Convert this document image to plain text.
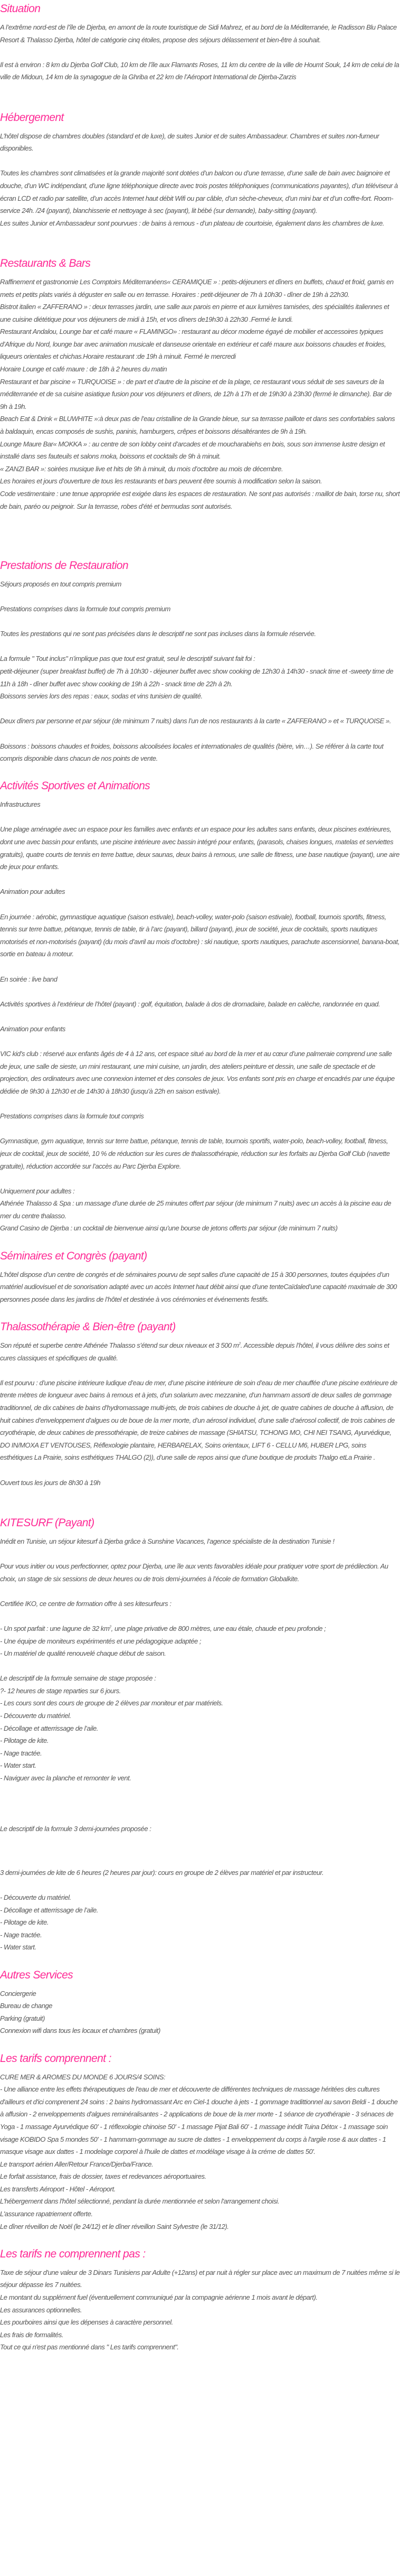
Situation

A l’extrême nord-est de l’île de Djerba, en amont de la route touristique de Sidi Mahrez, et au bord de la Méditerranée, le Radisson Blu Palace Resort & Thalasso Djerba, hôtel de catégorie cinq étoiles, propose des séjours délassement et bien-être à souhait.

Il est à environ : 8 km du Djerba Golf Club, 10 km de l’île aux Flamants Roses, 11 km du centre de la ville de Houmt Souk, 14 km de celui de la ville de Midoun, 14 km de la synagogue de la Ghriba et 22 km de l’Aéroport International de Djerba-Zarzis

Hébergement

L’hôtel dispose de chambres doubles (standard et de luxe), de suites Junior et de suites Ambassadeur. Chambres et suites non-fumeur disponibles.

Toutes les chambres sont climatisées et la grande majorité sont dotées d’un balcon ou d’une terrasse, d’une salle de bain avec baignoire et douche, d’un WC indépendant, d’une ligne téléphonique directe avec trois postes téléphoniques (communications payantes), d’un téléviseur à écran LCD et radio par satellite, d’un accès Internet haut débit Wifi ou par câble, d’un sèche-cheveux, d’un mini bar et d’un coffre-fort. Room-service 24h. /24 (payant), blanchisserie et nettoyage à sec (payant), lit bébé (sur demande), baby-sitting (payant).

Les suites Junior et Ambassadeur sont pourvues : de bains à remous - d’un plateau de courtoisie, également dans les chambres de luxe.

Restaurants & Bars

Raffinement et gastronomie Les Comptoirs Méditerranéens« CERAMIQUE » : petits-déjeuners et dîners en buffets, chaud et froid, garnis en mets et petits plats variés à déguster en salle ou en terrasse. Horaires : petit-déjeuner de 7h à 10h30 - dîner de 19h à 22h30.

Bistrot italien « ZAFFERANO » : deux terrasses jardin, une salle aux parois en pierre et aux lumières tamisées, des spécialités italiennes et une cuisine diététique pour vos déjeuners de midi à 15h, et vos dîners de19h30 à 22h30 .Fermé le lundi.

Restaurant Andalou, Lounge bar et café maure « FLAMINGO» : restaurant au décor moderne égayé de mobilier et accessoires typiques d’Afrique du Nord, lounge bar avec animation musicale et danseuse orientale en extérieur et café maure aux boissons chaudes et froides, liqueurs orientales et chichas.Horaire restaurant :de 19h à minuit. Fermé le mercredi

Horaire Lounge et café maure : de 18h à 2 heures du matin

Restaurant et bar piscine « TURQUOISE » : de part et d’autre de la piscine et de la plage, ce restaurant vous séduit de ses saveurs de la méditerranée et de sa cuisine asiatique fusion pour vos déjeuners et dîners, de 12h à 17h et de 19h30 à 23h30 (fermé le dimanche). Bar de 9h à 19h.

Beach Eat & Drink « BLUWHITE »:à deux pas de l’eau cristalline de la Grande bleue, sur sa terrasse paillote et dans ses confortables salons à baldaquin, encas composés de sushis, paninis, hamburgers, crêpes et boissons désaltérantes de 9h à 19h.

Lounge Maure Bar« MOKKA » : au centre de son lobby ceint d’arcades et de moucharabiehs en bois, sous son immense lustre design et installé dans ses fauteuils et salons moka, boissons et cocktails de 9h à minuit.

« ZANZI BAR »: soirées musique live et hits de 9h à minuit, du mois d’octobre au mois de décembre.

Les horaires et jours d’ouverture de tous les restaurants et bars peuvent être soumis à modification selon la saison.

Code vestimentaire : une tenue appropriée est exigée dans les espaces de restauration. Ne sont pas autorisés : maillot de bain, torse nu, short de bain, paréo ou peignoir. Sur la terrasse, robes d’été et bermudas sont autorisés.

Prestations de Restauration

Séjours proposés en tout compris premium

Prestations comprises dans la formule tout compris premium

Toutes les prestations qui ne sont pas précisées dans le descriptif ne sont pas incluses dans la formule réservée.

La formule " Tout inclus" n’implique pas que tout est gratuit, seul le descriptif suivant fait foi :

petit-déjeuner (super breakfast buffet) de 7h à 10h30 - déjeuner buffet avec show cooking de 12h30 à 14h30 - snack time et -sweety time de 11h à 18h - dîner buffet avec show cooking de 19h à 22h - snack time de 22h à 2h.

Boissons servies lors des repas : eaux, sodas et vins tunisien de qualité.

Deux dîners par personne et par séjour (de minimum 7 nuits) dans l’un de nos restaurants à la carte « ZAFFERANO » et « TURQUOISE ».

Boissons : boissons chaudes et froides, boissons alcoolisées locales et internationales de qualités (bière, vin…). Se référer à la carte tout compris disponible dans chacun de nos points de vente.

Activités Sportives et Animations

Infrastructures

Une plage aménagée avec un espace pour les familles avec enfants et un espace pour les adultes sans enfants, deux piscines extérieures, dont une avec bassin pour enfants, une piscine intérieure avec bassin intégré pour enfants, (parasols, chaises longues, matelas et serviettes gratuits), quatre courts de tennis en terre battue, deux saunas, deux bains à remous, une salle de fitness, une base nautique (payant), une aire de jeux pour enfants.

Animation pour adultes

En journée : aérobic, gymnastique aquatique (saison estivale), beach-volley, water-polo (saison estivale), football, tournois sportifs, fitness, tennis sur terre battue, pétanque, tennis de table, tir à l’arc (payant), billard (payant), jeux de société, jeux de cocktails, sports nautiques motorisés et non-motorisés (payant) (du mois d’avril au mois d’octobre) : ski nautique, sports nautiques, parachute ascensionnel, banana-boat, sortie en bateau à moteur.

En soirée : live band

Activités sportives à l’extérieur de l’hôtel (payant) : golf, équitation, balade à dos de dromadaire, balade en calèche, randonnée en quad.

Animation pour enfants

VIC kid’s club : réservé aux enfants âgés de 4 à 12 ans, cet espace situé au bord de la mer et au cœur d’une palmeraie comprend une salle de jeux, une salle de sieste, un mini restaurant, une mini cuisine, un jardin, des ateliers peinture et dessin, une salle de spectacle et de projection, des ordinateurs avec une connexion internet et des consoles de jeux. Vos enfants sont pris en charge et encadrés par une équipe dédiée de 9h30 à 12h30 et de 14h30 à 18h30 (jusqu’à 22h en saison estivale).

Prestations comprises dans la formule tout compris

Gymnastique, gym aquatique, tennis sur terre battue, pétanque, tennis de table, tournois sportifs, water-polo, beach-volley, football, fitness, jeux de cocktail, jeux de société, 10 % de réduction sur les cures de thalassothérapie, réduction sur les forfaits au Djerba Golf Club (navette gratuite), réduction accordée sur l’accès au Parc Djerba Explore.

Uniquement pour adultes :

Athénée Thalasso & Spa : un massage d’une durée de 25 minutes offert par séjour (de minimum 7 nuits) avec un accès à la piscine eau de mer du centre thalasso.

Grand Casino de Djerba : un cocktail de bienvenue ainsi qu’une bourse de jetons offerts par séjour (de minimum 7 nuits)

Séminaires et Congrès (payant)

L’hôtel dispose d’un centre de congrès et de séminaires pourvu de sept salles d’une capacité de 15 à 300 personnes, toutes équipées d’un matériel audiovisuel et de sonorisation adapté avec un accès Internet haut débit ainsi que d’une tenteCaïdaled’une capacité maximale de 300 personnes posée dans les jardins de l’hôtel et destinée à vos cérémonies et événements festifs.

Thalassothérapie & Bien-être (payant)

Son réputé et superbe centre Athénée Thalasso s’étend sur deux niveaux et 3 500 $m^2$. Accessible depuis l’hôtel, il vous délivre des soins et cures classiques et spécifiques de qualité.

Il est pourvu : d’une piscine intérieure ludique d’eau de mer, d’une piscine intérieure de soin d’eau de mer chauffée d’une piscine extérieure de trente mètres de longueur avec bains à remous et à jets, d’un solarium avec mezzanine, d’un hammam assorti de deux salles de gommage traditionnel, de dix cabines de bains d’hydromassage multi-jets, de trois cabines de douche à jet, de quatre cabines de douche à affusion, de huit cabines d’enveloppement d’algues ou de boue de la mer morte, d’un aérosol individuel, d’une salle d’aérosol collectif, de trois cabines de cryothérapie, de deux cabines de pressothérapie, de treize cabines de massage (SHIATSU, TCHONG MO, CHI NEI TSANG, Ayurvédique, DO IN/MOXA ET VENTOUSES, Réflexologie plantaire, HERBARELAX, Soins orientaux, LIFT 6 - CELLU M6, HUBER LPG, soins esthétiques La Prairie, soins esthétiques THALGO (2)), d’une salle de repos ainsi que d’une boutique de produits Thalgo etLa Prairie .

Ouvert tous les jours de 8h30 à 19h

KITESURF (Payant)

Inédit en Tunisie, un séjour kitesurf à Djerba grâce à Sunshine Vacances, l’agence spécialiste de la destination Tunisie !

Pour vous initier ou vous perfectionner, optez pour Djerba, une île aux vents favorables idéale pour pratiquer votre sport de prédilection. Au choix, un stage de six sessions de deux heures ou de trois demi-journées à l’école de formation Globalkite.

Certifiée IKO, ce centre de formation offre à ses kitesurfeurs :

- Un spot parfait : une lagune de 32 $km^2$, une plage privative de 800 mètres, une eau étale, chaude et peu profonde ;

- Une équipe de moniteurs expérimentés et une pédagogique adaptée ;

- Un matériel de qualité renouvelé chaque début de saison.

Le descriptif de la formule semaine de stage proposée :

?- 12 heures de stage reparties sur 6 jours.

- Les cours sont des cours de groupe de 2 élèves par moniteur et par matériels.

- Découverte du matériel.

- Décollage et atterrissage de l’aile.

- Pilotage de kite.

- Nage tractée.

- Water start.

- Naviguer avec la planche et remonter le vent.

Le descriptif de la formule 3 demi-journées proposée :

3 demi-journées de kite de 6 heures (2 heures par jour): cours en groupe de 2 élèves par matériel et par instructeur.

- Découverte du matériel.

- Décollage et atterrissage de l’aile.

- Pilotage de kite.

- Nage tractée.

- Water start.

Autres Services

Conciergerie

Bureau de change

Parking (gratuit)

Connexion wifi dans tous les locaux et chambres (gratuit)

Les tarifs comprennent :

CURE MER & AROMES DU MONDE 6 JOURS/4 SOINS:

- Une alliance entre les effets thérapeutiques de l'eau de mer et découverte de différentes techniques de massage héritées des cultures d'ailleurs et d'ici comprenent 24 soins : 2 bains hydromassant Arc en Ciel-1 douche à jets - 1 gommage tradittionnel au savon Beldi - 1 douche à affusion - 2 enveloppements d'algues reminéralisantes - 2 applications de boue de la mer morte - 1 séance de cryothérapie - 3 sénaces de Yoga - 1 massage Ayurvédique 60' - 1 réflexologie chinoise 50' - 1 massage Pijat Bali 60' - 1 massage inédit Tuina Détox - 1 massage soin visage KOBIDO Spa 5 mondes 50' - 1 hammam-gommage au sucre de dattes - 1 enveloppement du corps à l'argile rose & aux dattes - 1 masque visage aux dattes - 1 modelage corporel à l'huile de dattes et modélage visage à la créme de dattes 50'.

Le transport aérien Aller/Retour France/Djerba/France.

Le forfait assistance, frais de dossier, taxes et redevances aéroportuaires.

Les transferts Aéroport - Hôtel - Aéroport.

L'hébergement dans l'hôtel sélectionné, pendant la durée mentionnée et selon l'arrangement choisi.

L'assurance rapatriement offerte.

Le dîner réveillon de Noël (le 24/12) et le dîner réveillon Saint Sylvestre (le 31/12).

Les tarifs ne comprennent pas :

Taxe de séjour d'une valeur de 3 Dinars Tunisiens par Adulte (+12ans) et par nuit à régler sur place avec un maximum de 7 nuitées même si le séjour dépasse les 7 nuitées.

Le montant du supplément fuel (éventuellement communiqué par la compagnie aérienne 1 mois avant le départ).

Les assurances optionnelles.

Les pourboires ainsi que les dépenses à caractère personnel.

Les frais de formalités.

Tout ce qui n'est pas mentionné dans " Les tarifs comprennent".
